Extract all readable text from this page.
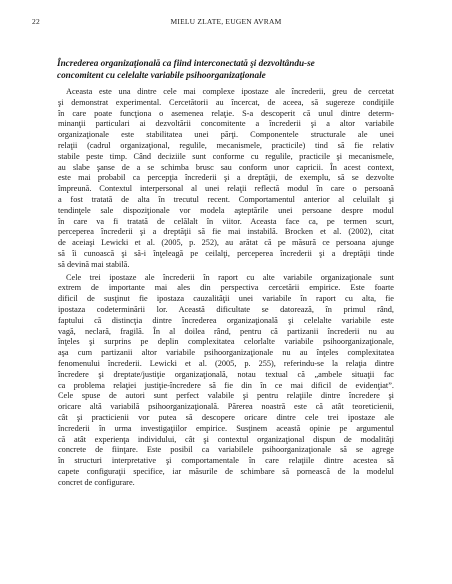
22	MIELU ZLATE, EUGEN AVRAM
Încrederea organizaţională ca fiind interconectată şi dezvoltându-se
concomitent cu celelalte variabile psihoorganizaţionale
Aceasta este una dintre cele mai complexe ipostaze ale încrederii, greu de cercetat
şi demonstrat experimental. Cercetătorii au încercat, de aceea, să sugereze condiţiile
în care poate funcţiona o asemenea relaţie. S-a descoperit că unul dintre determ-
minanţii particulari ai dezvoltării concomitente a încrederii şi a altor variabile
organizaţionale este stabilitatea unei părţi. Componentele structurale ale unei
relaţii (cadrul organizaţional, regulile, mecanismele, practicile) tind să fie relativ
stabile peste timp. Când deciziile sunt conforme cu regulile, practicile şi mecanismele,
au slabe şanse de a se schimba brusc sau conform unor capricii. În acest context,
este mai probabil ca percepţia încrederii şi a dreptăţii, de exemplu, să se dezvolte
împreună. Contextul interpersonal al unei relaţii reflectă modul în care o persoană
a fost tratată de alta în trecutul recent. Comportamentul anterior al celuilalt şi
tendinţele sale dispoziţionale vor modela aşteptările unei persoane despre modul
în care va fi tratată de celălalt în viitor. Aceasta face ca, pe termen scurt,
perceperea încrederii şi a dreptăţii să fie mai instabilă. Brocken et al. (2002), citat
de aceiaşi Lewicki et al. (2005, p. 252), au arătat că pe măsură ce persoana ajunge
să îi cunoască şi să-i înţeleagă pe ceilalţi, perceperea încrederii şi a dreptăţii tinde
să devină mai stabilă.
Cele trei ipostaze ale încrederii în raport cu alte variabile organizaţionale sunt
extrem de importante mai ales din perspectiva cercetării empirice. Este foarte
dificil de susţinut fie ipostaza cauzalităţii unei variabile în raport cu alta, fie
ipostaza codeterminării lor. Această dificultate se datorează, în primul rând,
faptului că distincţia dintre încrederea organizaţională şi celelalte variabile este
vagă, neclară, fragilă. În al doilea rând, pentru că partizanii încrederii nu au
înţeles şi surprins pe deplin complexitatea celorlalte variabile psihoorganizaţionale,
aşa cum partizanii altor variabile psihoorganizaţionale nu au înţeles complexitatea
fenomenului încrederii. Lewicki et al. (2005, p. 255), referindu-se la relaţia dintre
încredere şi dreptate/justiţie organizaţională, notau textual că „ambele situaţii fac
ca problema relaţiei justiţie-încredere să fie din în ce mai dificil de evidenţiat”.
Cele spuse de autori sunt perfect valabile şi pentru relaţiile dintre încredere şi
oricare altă variabilă psihoorganizaţională. Părerea noastră este că atât teoreticienii,
cât şi practicienii vor putea să descopere oricare dintre cele trei ipostaze ale
încrederii în urma investigaţiilor empirice. Susţinem această opinie pe argumentul
că atât experienţa individului, cât şi contextul organizaţional dispun de modalităţi
concrete de fiinţare. Este posibil ca variabilele psihoorganizaţionale să se agrege
în structuri interpretative şi comportamentale în care relaţiile dintre acestea să
capete configuraţii specifice, iar măsurile de schimbare să pornească de la modelul
concret de configurare.
